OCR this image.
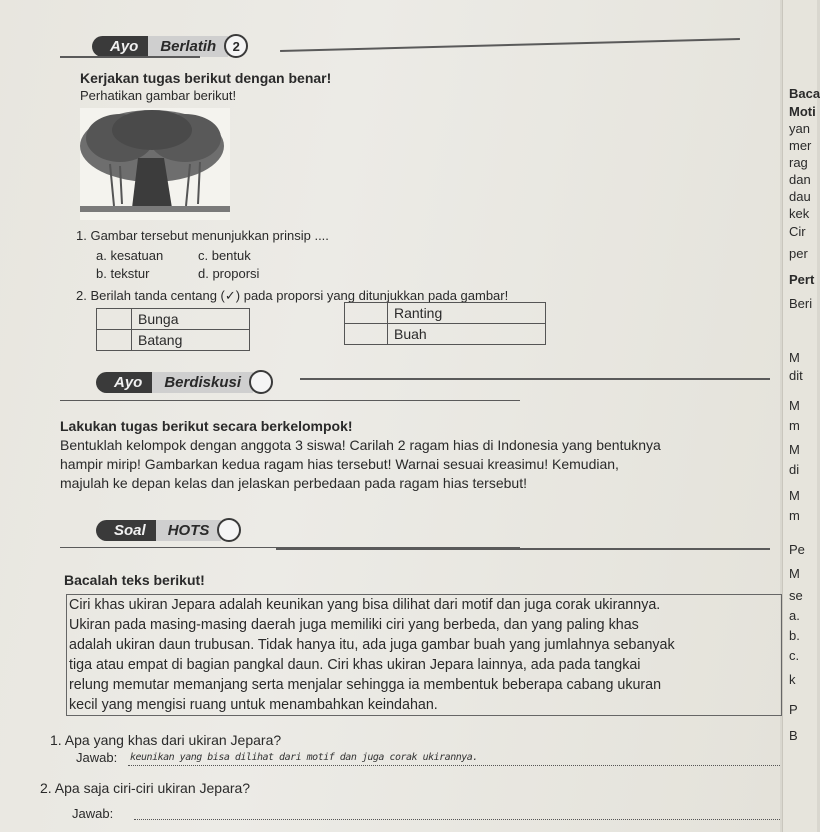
Ayo	Berlatih	2
Kerjakan tugas berikut dengan benar!
Perhatikan gambar berikut!
1. Gambar tersebut menunjukkan prinsip ....
a. kesatuan	c. bentuk
b. tekstur	d. proporsi
2. Berilah tanda centang (✓) pada proporsi yang ditunjukkan pada gambar!
	Bunga
	Batang
	Ranting
	Buah
Ayo	Berdiskusi
Lakukan tugas berikut secara berkelompok!
Bentuklah kelompok dengan anggota 3 siswa! Carilah 2 ragam hias di Indonesia yang bentuknya
hampir mirip! Gambarkan kedua ragam hias tersebut! Warnai sesuai kreasimu! Kemudian,
majulah ke depan kelas dan jelaskan perbedaan pada ragam hias tersebut!
Soal	HOTS
Bacalah teks berikut!
Ciri khas ukiran Jepara adalah keunikan yang bisa dilihat dari motif dan juga corak ukirannya.
Ukiran pada masing-masing daerah juga memiliki ciri yang berbeda, dan yang paling khas
adalah ukiran daun trubusan. Tidak hanya itu, ada juga gambar buah yang jumlahnya sebanyak
tiga atau empat di bagian pangkal daun. Ciri khas ukiran Jepara lainnya, ada pada tangkai
relung memutar memanjang serta menjalar sehingga ia membentuk beberapa cabang ukuran
kecil yang mengisi ruang untuk menambahkan keindahan.
1. Apa yang khas dari ukiran Jepara?
Jawab: keunikan yang bisa dilihat dari motif dan juga corak ukirannya.
2. Apa saja ciri-ciri ukiran Jepara?
Jawab:
Baca
Moti
yan
mer
rag
dan
dau
kek
Cir
per
Pert
Beri
M
dit
M
m
M
di
M
m
Pe
M
se
a.
b.
c.
k
P
B
